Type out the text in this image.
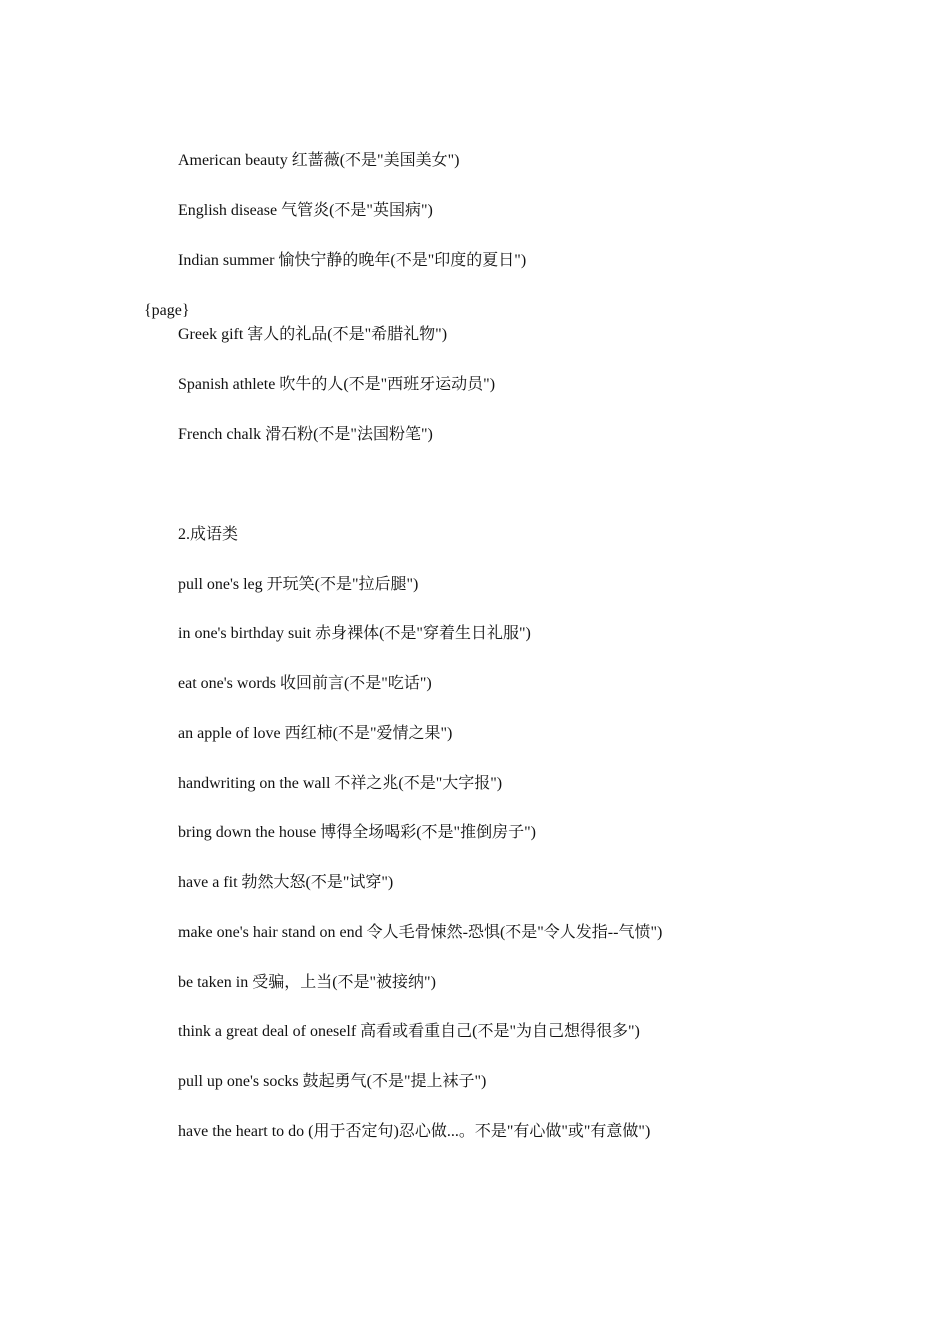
American beauty 红蔷薇(不是"美国美女")
English disease 气管炎(不是"英国病")
Indian summer 愉快宁静的晚年(不是"印度的夏日")
{page}
Greek gift 害人的礼品(不是"希腊礼物")
Spanish athlete 吹牛的人(不是"西班牙运动员")
French chalk 滑石粉(不是"法国粉笔")
2.成语类
pull one's leg 开玩笑(不是"拉后腿")
in one's birthday suit 赤身裸体(不是"穿着生日礼服")
eat one's words 收回前言(不是"吃话")
an apple of love 西红柿(不是"爱情之果")
handwriting on the wall 不祥之兆(不是"大字报")
bring down the house 博得全场喝彩(不是"推倒房子")
have a fit 勃然大怒(不是"试穿")
make one's hair stand on end 令人毛骨悚然-恐惧(不是"令人发指--气愤")
be taken in 受骗，上当(不是"被接纳")
think a great deal of oneself 高看或看重自己(不是"为自己想得很多")
pull up one's socks 鼓起勇气(不是"提上袜子")
have the heart to do (用于否定句)忍心做...。不是"有心做"或"有意做")
